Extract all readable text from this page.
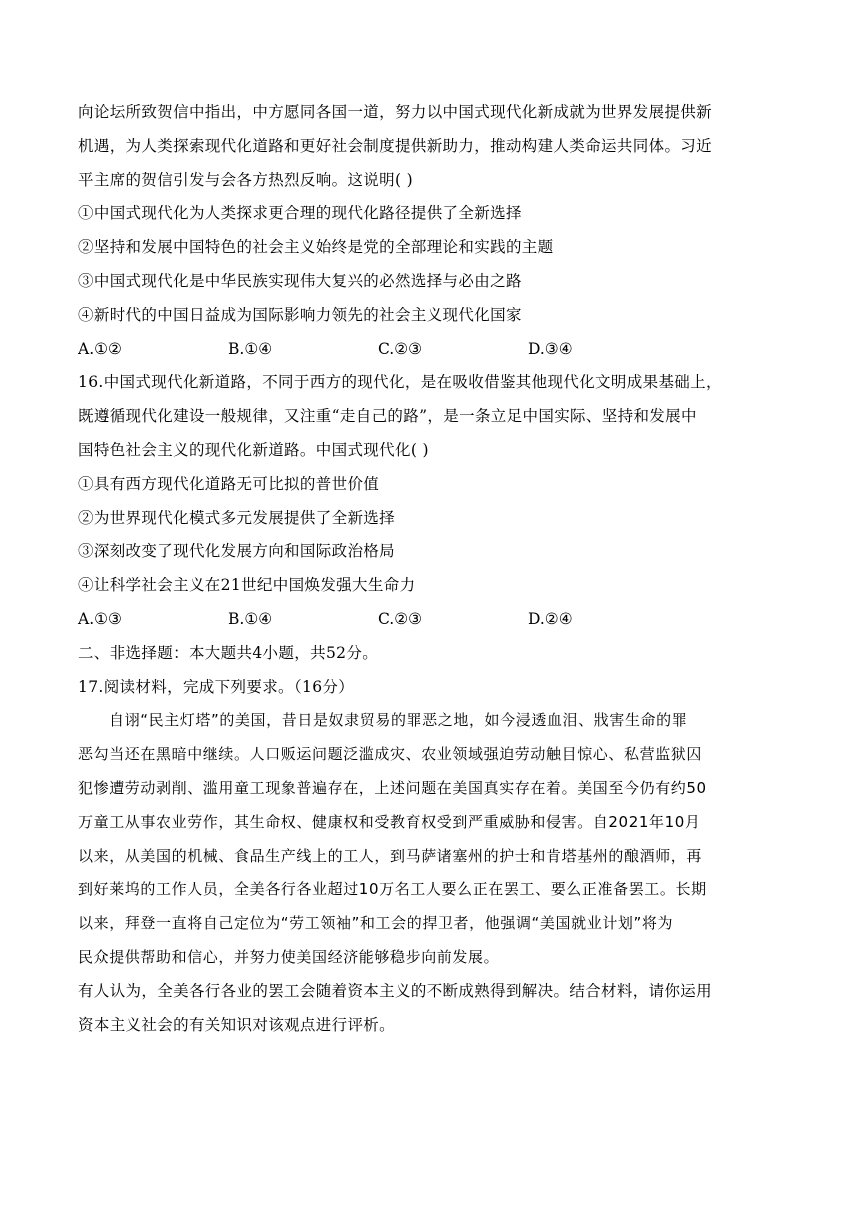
向论坛所致贺信中指出，中方愿同各国一道，努力以中国式现代化新成就为世界发展提供新
机遇，为人类探索现代化道路和更好社会制度提供新助力，推动构建人类命运共同体。习近
平主席的贺信引发与会各方热烈反响。这说明( )
①中国式现代化为人类探求更合理的现代化路径提供了全新选择
②坚持和发展中国特色的社会主义始终是党的全部理论和实践的主题
③中国式现代化是中华民族实现伟大复兴的必然选择与必由之路
④新时代的中国日益成为国际影响力领先的社会主义现代化国家
A.①②	B.①④	C.②③	D.③④
16.中国式现代化新道路，不同于西方的现代化，是在吸收借鉴其他现代化文明成果基础上，
既遵循现代化建设一般规律，又注重“走自己的路”，是一条立足中国实际、坚持和发展中
国特色社会主义的现代化新道路。中国式现代化( )
①具有西方现代化道路无可比拟的普世价值
②为世界现代化模式多元发展提供了全新选择
③深刻改变了现代化发展方向和国际政治格局
④让科学社会主义在21世纪中国焕发强大生命力
A.①③	B.①④	C.②③	D.②④
二、非选择题：本大题共4小题，共52分。
17.阅读材料，完成下列要求。（16分）
自诩“民主灯塔”的美国，昔日是奴隶贸易的罪恶之地，如今浸透血泪、戕害生命的罪
恶勾当还在黑暗中继续。人口贩运问题泛滥成灾、农业领域强迫劳动触目惊心、私营监狱囚
犯惨遭劳动剥削、滥用童工现象普遍存在，上述问题在美国真实存在着。美国至今仍有约50
万童工从事农业劳作，其生命权、健康权和受教育权受到严重威胁和侵害。自2021年10月
以来，从美国的机械、食品生产线上的工人，到马萨诸塞州的护士和肯塔基州的酿酒师，再
到好莱坞的工作人员，全美各行各业超过10万名工人要么正在罢工、要么正准备罢工。长期
以来，拜登一直将自己定位为“劳工领袖”和工会的捍卫者，他强调“美国就业计划”将为
民众提供帮助和信心，并努力使美国经济能够稳步向前发展。
有人认为，全美各行各业的罢工会随着资本主义的不断成熟得到解决。结合材料，请你运用
资本主义社会的有关知识对该观点进行评析。
